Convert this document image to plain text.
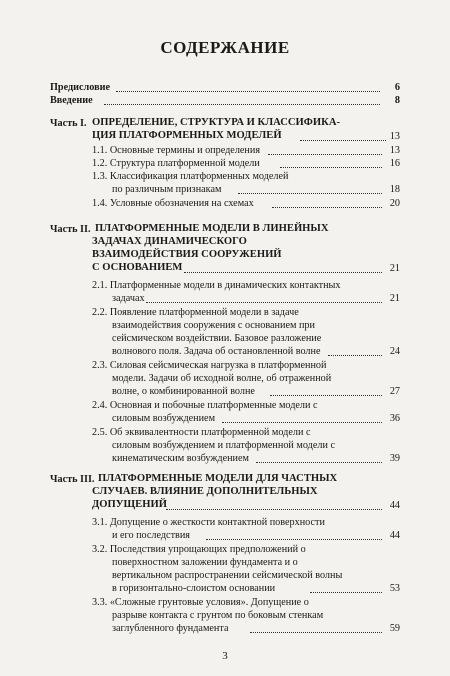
СОДЕРЖАНИЕ
Предисловие	6
Введение	8
Часть I. ОПРЕДЕЛЕНИЕ, СТРУКТУРА И КЛАССИФИКА-
ЦИЯ ПЛАТФОРМЕННЫХ МОДЕЛЕЙ	13
1.1. Основные термины и определения	13
1.2. Структура платформенной модели	16
1.3. Классификация платформенных моделей
по различным признакам	18
1.4. Условные обозначения на схемах	20
Часть II. ПЛАТФОРМЕННЫЕ МОДЕЛИ В ЛИНЕЙНЫХ
ЗАДАЧАХ ДИНАМИЧЕСКОГО
ВЗАИМОДЕЙСТВИЯ СООРУЖЕНИЙ
С ОСНОВАНИЕМ	21
2.1. Платформенные модели в динамических контактных
задачах	21
2.2. Появление платформенной модели в задаче
взаимодействия сооружения с основанием при
сейсмическом воздействии. Базовое разложение
волнового поля. Задача об остановленной волне	24
2.3. Силовая сейсмическая нагрузка в платформенной
модели. Задачи об исходной волне, об отраженной
волне, о комбинированной волне	27
2.4. Основная и побочные платформенные модели с
силовым возбуждением	36
2.5. Об эквивалентности платформенной модели с
силовым возбуждением и платформенной модели с
кинематическим возбуждением	39
Часть III. ПЛАТФОРМЕННЫЕ МОДЕЛИ ДЛЯ ЧАСТНЫХ
СЛУЧАЕВ. ВЛИЯНИЕ ДОПОЛНИТЕЛЬНЫХ
ДОПУЩЕНИЙ	44
3.1. Допущение о жесткости контактной поверхности
и его последствия	44
3.2. Последствия упрощающих предположений о
поверхностном заложении фундамента и о
вертикальном распространении сейсмической волны
в горизонтально-слоистом основании	53
3.3. «Сложные грунтовые условия». Допущение о
разрыве контакта с грунтом по боковым стенкам
заглубленного фундамента	59
3
